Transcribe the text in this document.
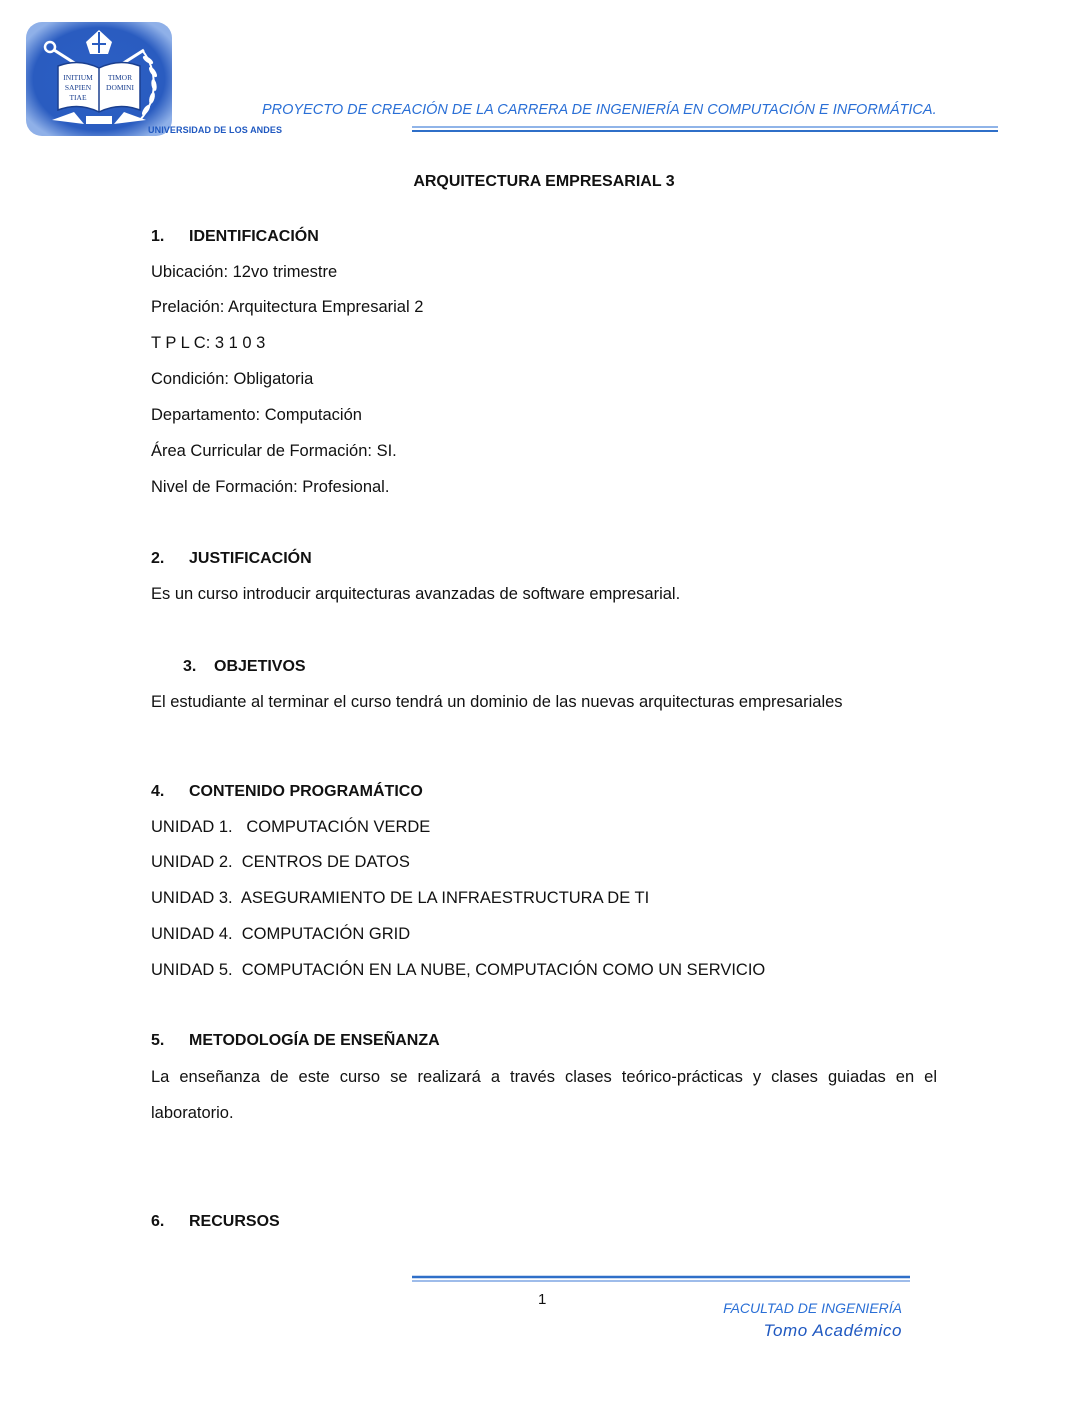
INITIUM
SAPIEN
TIAE
TIMOR
DOMINI
UNIVERSIDAD DE LOS ANDES
PROYECTO DE CREACIÓN DE LA CARRERA DE INGENIERÍA EN COMPUTACIÓN E INFORMÁTICA.
ARQUITECTURA EMPRESARIAL 3
1. IDENTIFICACIÓN
Ubicación: 12vo trimestre
Prelación: Arquitectura Empresarial 2
T P L C: 3 1 0 3
Condición: Obligatoria
Departamento: Computación
Área Curricular de Formación: SI.
Nivel de Formación: Profesional.
2. JUSTIFICACIÓN
Es un curso introducir arquitecturas avanzadas de software empresarial.
3. OBJETIVOS
El estudiante al terminar el curso tendrá un dominio de las nuevas arquitecturas empresariales
4. CONTENIDO PROGRAMÁTICO
UNIDAD 1.   COMPUTACIÓN VERDE
UNIDAD 2.  CENTROS DE DATOS
UNIDAD 3.  ASEGURAMIENTO DE LA INFRAESTRUCTURA DE TI
UNIDAD 4.  COMPUTACIÓN GRID
UNIDAD 5.  COMPUTACIÓN EN LA NUBE, COMPUTACIÓN COMO UN SERVICIO
5. METODOLOGÍA DE ENSEÑANZA
La enseñanza de este curso se realizará a través clases teórico-prácticas y clases guiadas en el
laboratorio.
6. RECURSOS
1	FACULTAD DE INGENIERÍA
Tomo Académico
